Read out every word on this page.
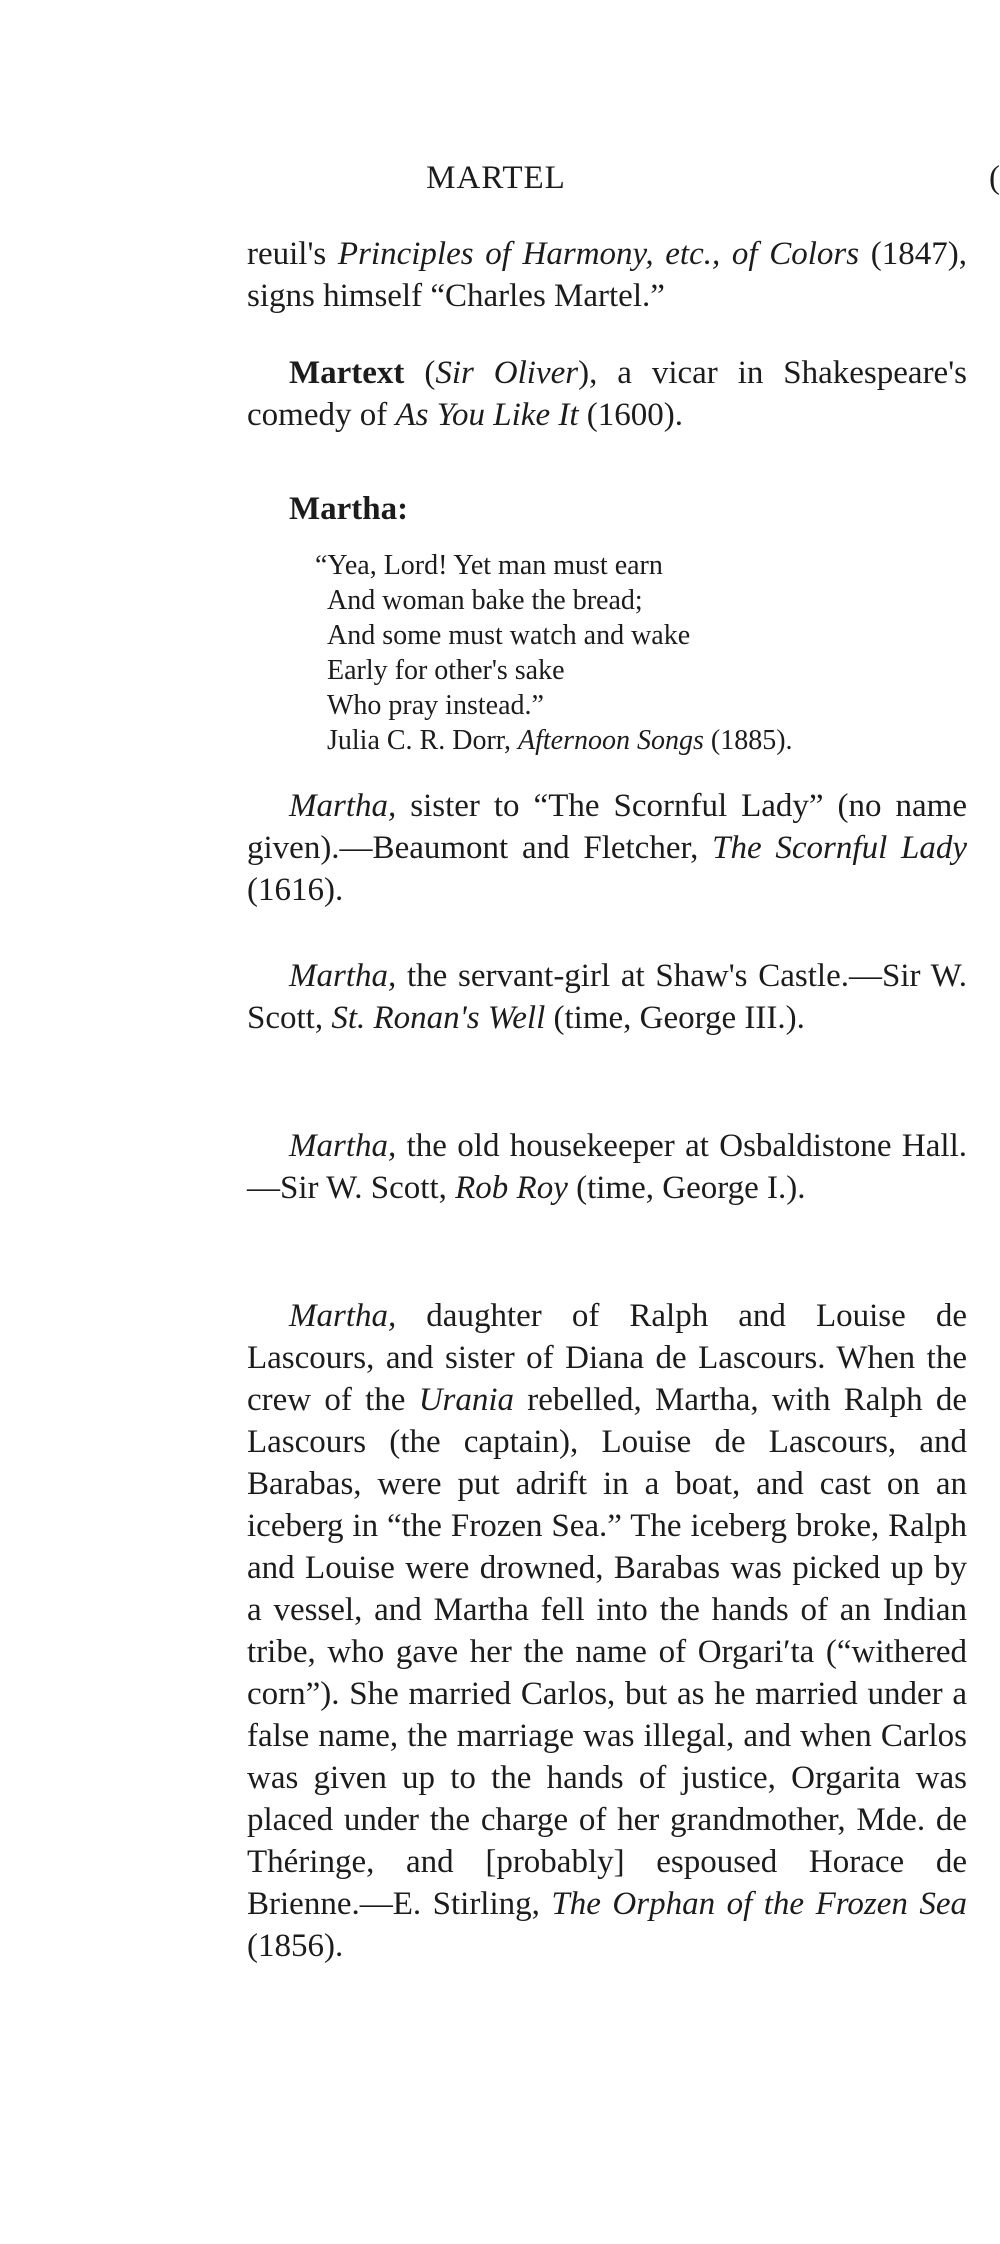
MARTEL	(

reuil's Principles of Harmony, etc., of Colors (1847), signs himself “Charles Martel.”

Martext (Sir Oliver), a vicar in Shakespeare's comedy of As You Like It (1600).

Martha:

“Yea, Lord! Yet man must earn
And woman bake the bread;
And some must watch and wake
Early for other's sake
Who pray instead.”
Julia C. R. Dorr, Afternoon Songs (1885).

Martha, sister to “The Scornful Lady” (no name given).—Beaumont and Fletcher, The Scornful Lady (1616).

Martha, the servant-girl at Shaw's Castle.—Sir W. Scott, St. Ronan's Well (time, George III.).

Martha, the old housekeeper at Osbaldistone Hall.—Sir W. Scott, Rob Roy (time, George I.).

Martha, daughter of Ralph and Louise de Lascours, and sister of Diana de Lascours. When the crew of the Urania rebelled, Martha, with Ralph de Lascours (the captain), Louise de Lascours, and Barabas, were put adrift in a boat, and cast on an iceberg in “the Frozen Sea.” The iceberg broke, Ralph and Louise were drowned, Barabas was picked up by a vessel, and Martha fell into the hands of an Indian tribe, who gave her the name of Orgari′ta (“withered corn”). She married Carlos, but as he married under a false name, the marriage was illegal, and when Carlos was given up to the hands of justice, Orgarita was placed under the charge of her grandmother, Mde. de Théringe, and [probably] espoused Horace de Brienne.—E. Stirling, The Orphan of the Frozen Sea (1856).
